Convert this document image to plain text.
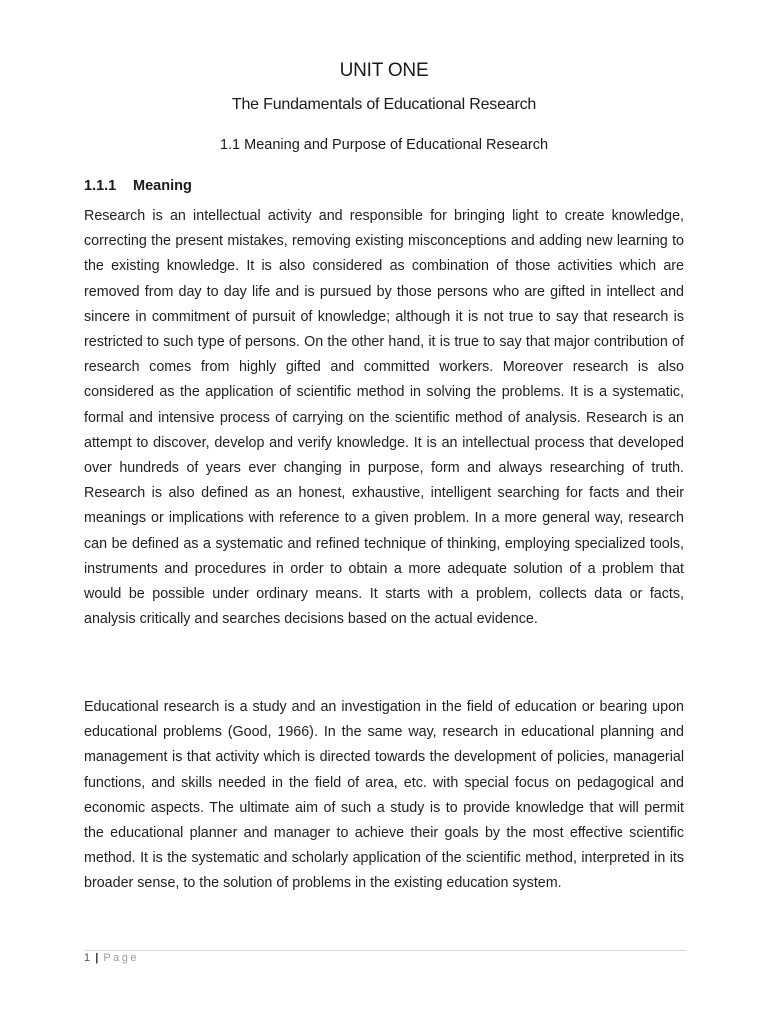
UNIT ONE
The Fundamentals of Educational Research
1.1 Meaning and Purpose of Educational Research
1.1.1 Meaning

Research is an intellectual activity and responsible for bringing light to create knowledge, correcting the present mistakes, removing existing misconceptions and adding new learning to the existing knowledge. It is also considered as combination of those activities which are removed from day to day life and is pursued by those persons who are gifted in intellect and sincere in commitment of pursuit of knowledge; although it is not true to say that research is restricted to such type of persons. On the other hand, it is true to say that major contribution of research comes from highly gifted and committed workers. Moreover research is also considered as the application of scientific method in solving the problems. It is a systematic, formal and intensive process of carrying on the scientific method of analysis. Research is an attempt to discover, develop and verify knowledge. It is an intellectual process that developed over hundreds of years ever changing in purpose, form and always researching of truth. Research is also defined as an honest, exhaustive, intelligent searching for facts and their meanings or implications with reference to a given problem. In a more general way, research can be defined as a systematic and refined technique of thinking, employing specialized tools, instruments and procedures in order to obtain a more adequate solution of a problem that would be possible under ordinary means. It starts with a problem, collects data or facts, analysis critically and searches decisions based on the actual evidence.

Educational research is a study and an investigation in the field of education or bearing upon educational problems (Good, 1966). In the same way, research in educational planning and management is that activity which is directed towards the development of policies, managerial functions, and skills needed in the field of area, etc. with special focus on pedagogical and economic aspects. The ultimate aim of such a study is to provide knowledge that will permit the educational planner and manager to achieve their goals by the most effective scientific method. It is the systematic and scholarly application of the scientific method, interpreted in its broader sense, to the solution of problems in the existing education system.

1 | Page
